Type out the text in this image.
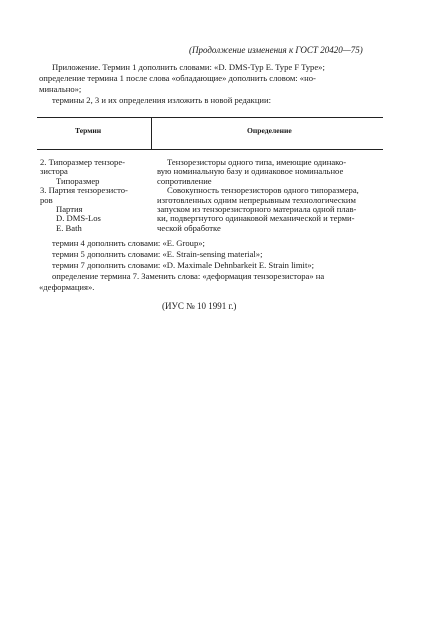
(Продолжение изменения к ГОСТ 20420—75)
Приложение. Термин 1 дополнить словами: «D. DMS-Typ E. Type F Type»;
определение термина 1 после слова «обладающие» дополнить словом: «но-
минально»;
термины 2, 3 и их определения изложить в новой редакции:
Термин	Определение
2. Типоразмер тензоре-
зистора
Типоразмер
3. Партия тензорезисто-
ров
Партия
D. DMS-Los
E. Bath
Тензорезисторы одного типа, имеющие одинако-
вую номинальную базу и одинаковое номинальное
сопротивление
Совокупность тензорезисторов одного типоразмера,
изготовленных одним непрерывным технологическим
запуском из тензорезисторного материала одной плав-
ки, подвергнутого одинаковой механической и терми-
ческой обработке
термин 4 дополнить словами: «E. Group»;
термин 5 дополнить словами: «E. Strain-sensing material»;
термин 7 дополнить словами: «D. Maximale Dehnbarkeit E. Strain limit»;
определение термина 7. Заменить слова: «деформация тензорезистора» на
«деформация».
(ИУС № 10 1991 г.)
